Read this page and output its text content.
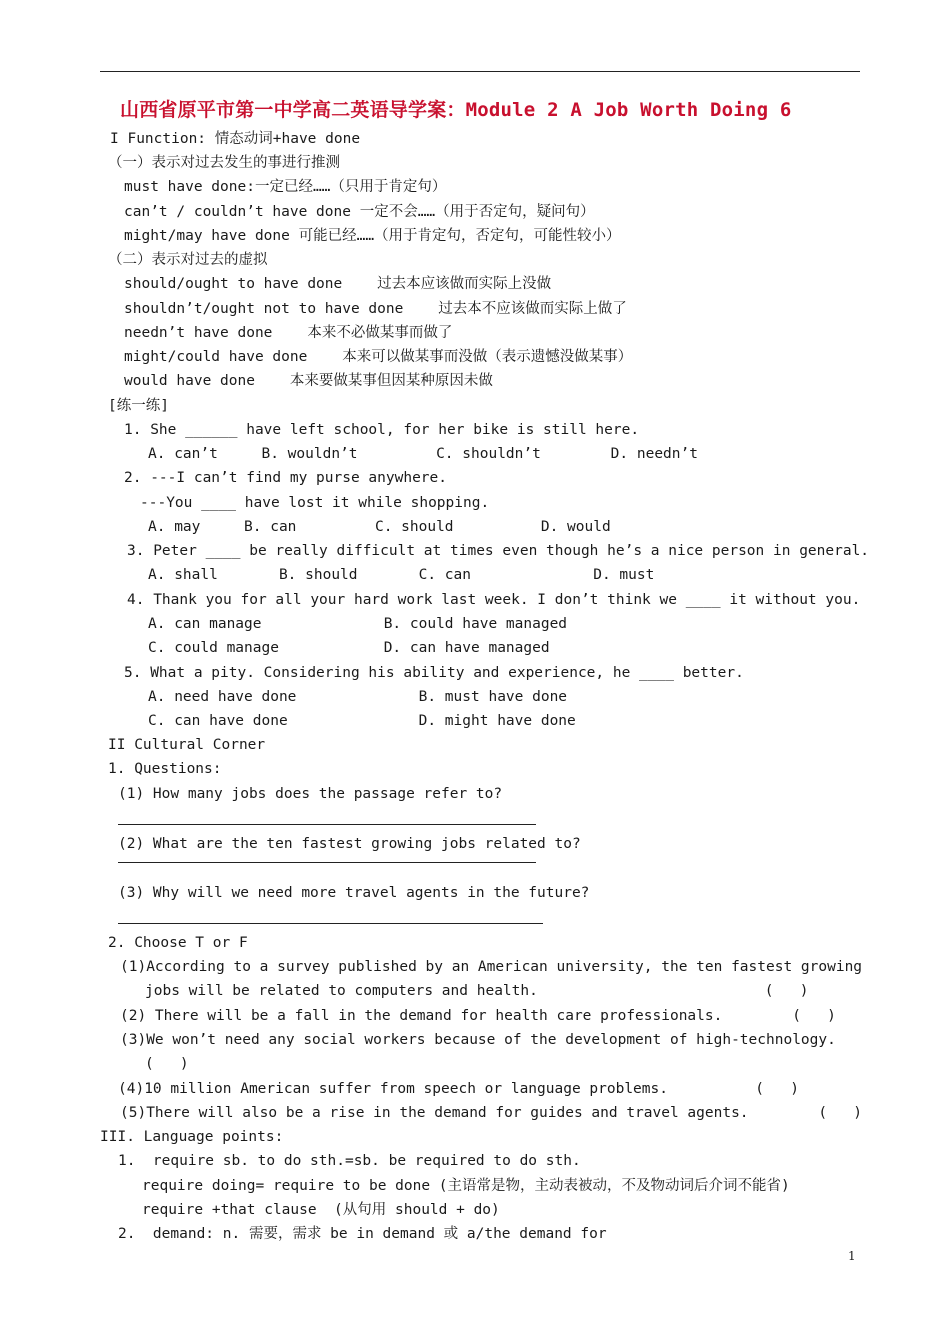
山西省原平市第一中学高二英语导学案：Module 2 A Job Worth Doing 6
I Function: 情态动词+have done
（一）表示对过去发生的事进行推测
must have done:一定已经……（只用于肯定句）
can’t / couldn’t have done 一定不会……（用于否定句，疑问句）
might/may have done 可能已经……（用于肯定句，否定句，可能性较小）
（二）表示对过去的虚拟
should/ought to have done    过去本应该做而实际上没做
shouldn’t/ought not to have done    过去本不应该做而实际上做了
needn’t have done    本来不必做某事而做了
might/could have done    本来可以做某事而没做（表示遗憾没做某事）
would have done    本来要做某事但因某种原因未做
[练一练]
1. She ______ have left school, for her bike is still here.
A. can’t     B. wouldn’t         C. shouldn’t        D. needn’t
2. ---I can’t find my purse anywhere.
---You ____ have lost it while shopping.
A. may     B. can         C. should          D. would
3. Peter ____ be really difficult at times even though he’s a nice person in general.
A. shall       B. should       C. can              D. must
4. Thank you for all your hard work last week. I don’t think we ____ it without you.
A. can manage              B. could have managed
C. could manage            D. can have managed
5. What a pity. Considering his ability and experience, he ____ better.
A. need have done              B. must have done
C. can have done               D. might have done
II Cultural Corner
1. Questions:
(1) How many jobs does the passage refer to?
(2) What are the ten fastest growing jobs related to?
(3) Why will we need more travel agents in the future?
2. Choose T or F
(1)According to a survey published by an American university, the ten fastest growing
jobs will be related to computers and health.                          (   )
(2) There will be a fall in the demand for health care professionals.        (   )
(3)We won’t need any social workers because of the development of high-technology.
(   )
(4)10 million American suffer from speech or language problems.          (   )
(5)There will also be a rise in the demand for guides and travel agents.        (   )
III. Language points:
1.  require sb. to do sth.=sb. be required to do sth.
require doing= require to be done (主语常是物，主动表被动，不及物动词后介词不能省)
require +that clause  (从句用 should + do)
2.  demand: n. 需要，需求 be in demand 或 a/the demand for
1
